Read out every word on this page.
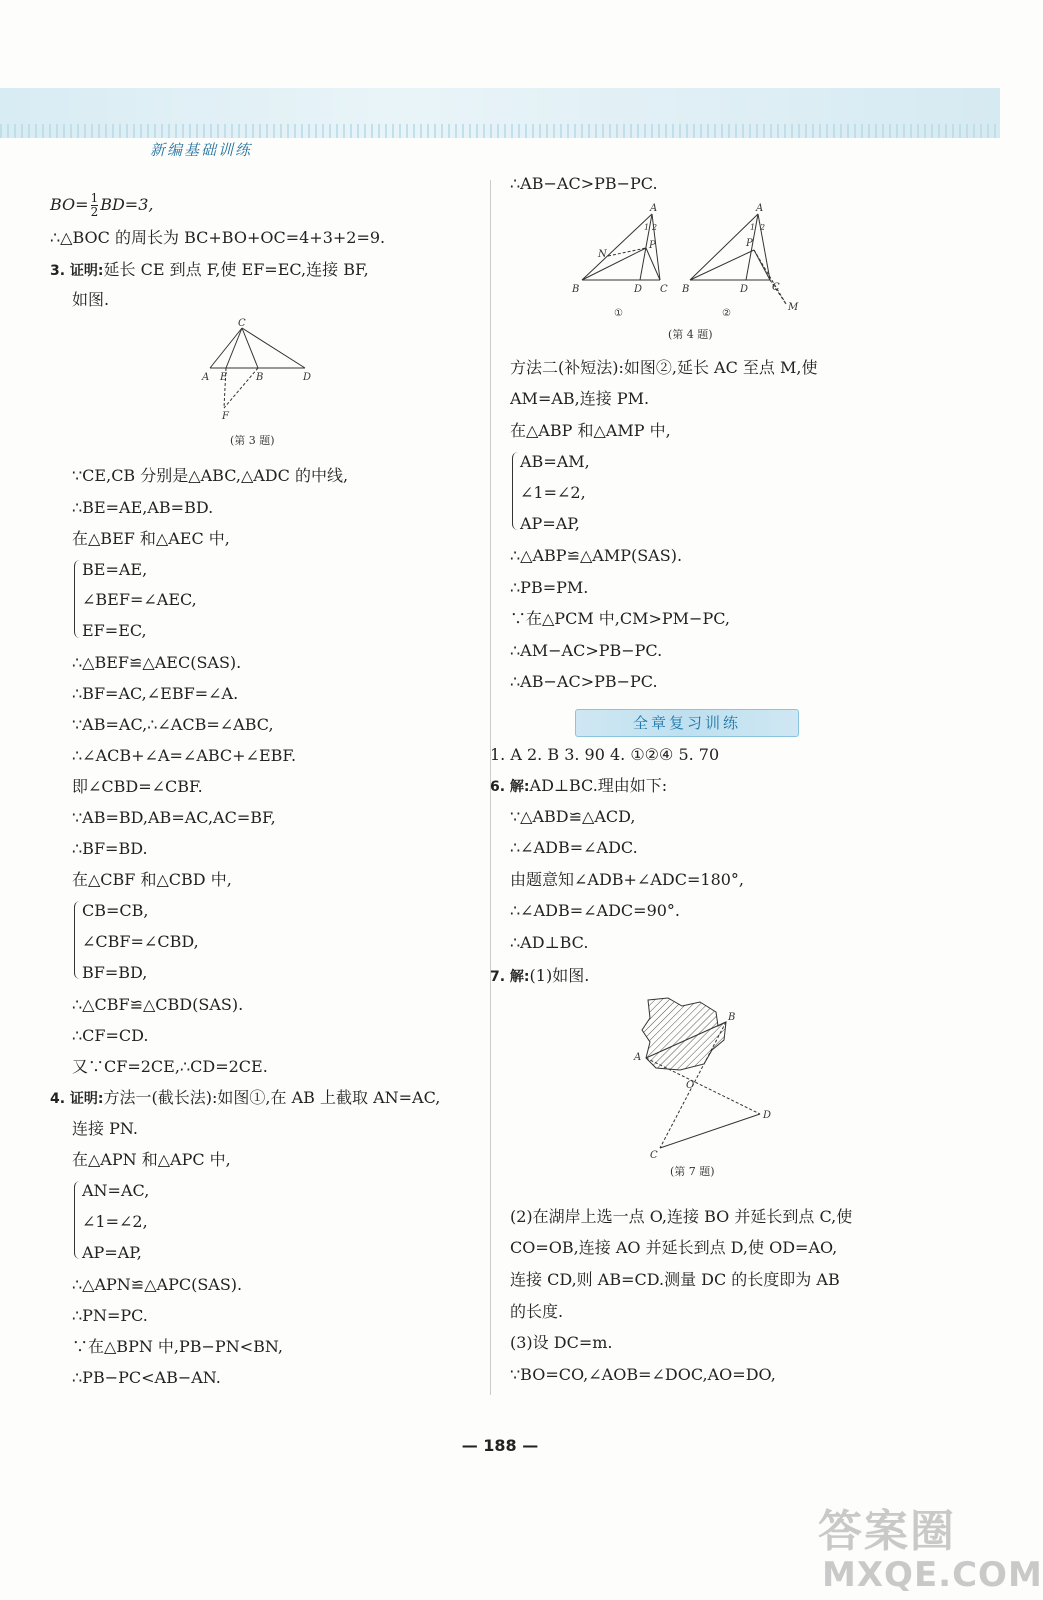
新编基础训练
$BO= \frac{1}{2} BD=3$,
∴△BOC 的周长为 BC+BO+OC=4+3+2=9.
3. 证明:延长 CE 到点 F,使 EF=EC,连接 BF,
如图.
C
A E	B	D
F
(第 3 题)
∵CE,CB 分别是△ABC,△ADC 的中线,
∴BE=AE,AB=BD.
在△BEF 和△AEC 中,
BE=AE,
∠BEF=∠AEC,
EF=EC,
∴△BEF≌△AEC(SAS).
∴BF=AC,∠EBF=∠A.
∵AB=AC,∴∠ACB=∠ABC,
∴∠ACB+∠A=∠ABC+∠EBF.
即∠CBD=∠CBF.
∵AB=BD,AB=AC,AC=BF,
∴BF=BD.
在△CBF 和△CBD 中,
CB=CB,
∠CBF=∠CBD,
BF=BD,
∴△CBF≌△CBD(SAS).
∴CF=CD.
又∵CF=2CE,∴CD=2CE.
4. 证明:方法一(截长法):如图①,在 AB 上截取 AN=AC,
连接 PN.
在△APN 和△APC 中,
AN=AC,
∠1=∠2,
AP=AP,
∴△APN≌△APC(SAS).
∴PN=PC.
∵在△BPN 中,PB−PN<BN,
∴PB−PC<AB−AN.
∴AB−AC>PB−PC.
A
B	D C
P
N
1 2
①
A
B	D C
P
M
1 2
②
(第 4 题)
方法二(补短法):如图②,延长 AC 至点 M,使
AM=AB,连接 PM.
在△ABP 和△AMP 中,
AB=AM,
∠1=∠2,
AP=AP,
∴△ABP≌△AMP(SAS).
∴PB=PM.
∵在△PCM 中,CM>PM−PC,
∴AM−AC>PB−PC.
∴AB−AC>PB−PC.
1. A 2. B 3. 90 4. ①②④ 5. 70
6. 解:AD⊥BC.理由如下:
∵△ABD≌△ACD,
∴∠ADB=∠ADC.
由题意知∠ADB+∠ADC=180°,
∴∠ADB=∠ADC=90°.
∴AD⊥BC.
7. 解:(1)如图.
A
B
O
C
D
(第 7 题)
(2)在湖岸上选一点 O,连接 BO 并延长到点 C,使
CO=OB,连接 AO 并延长到点 D,使 OD=AO,
连接 CD,则 AB=CD.测量 DC 的长度即为 AB
的长度.
(3)设 DC=m.
∵BO=CO,∠AOB=∠DOC,AO=DO,
全章复习训练
— 188 —
答案圈
MXQE.COM
